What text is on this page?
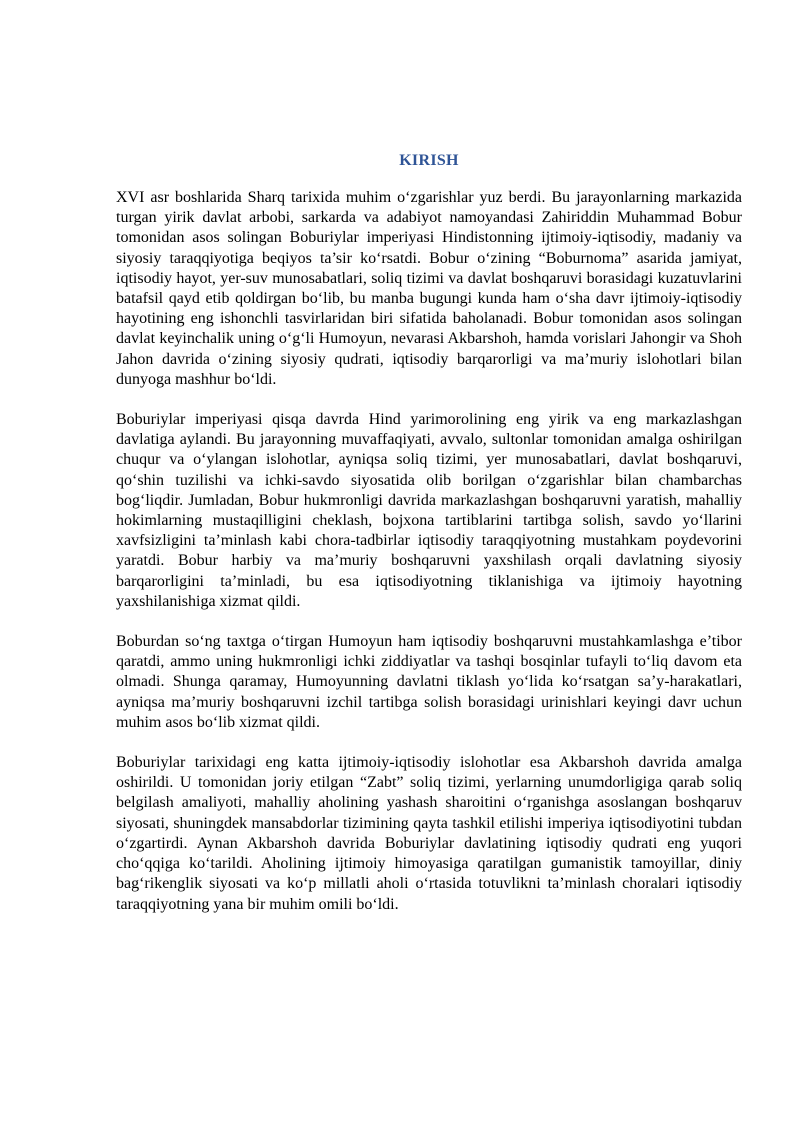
KIRISH

XVI asr boshlarida Sharq tarixida muhim o‘zgarishlar yuz berdi. Bu jarayonlarning markazida turgan yirik davlat arbobi, sarkarda va adabiyot namoyandasi Zahiriddin Muhammad Bobur tomonidan asos solingan Boburiylar imperiyasi Hindistonning ijtimoiy-iqtisodiy, madaniy va siyosiy taraqqiyotiga beqiyos ta’sir ko‘rsatdi. Bobur o‘zining “Boburnoma” asarida jamiyat, iqtisodiy hayot, yer-suv munosabatlari, soliq tizimi va davlat boshqaruvi borasidagi kuzatuvlarini batafsil qayd etib qoldirgan bo‘lib, bu manba bugungi kunda ham o‘sha davr ijtimoiy-iqtisodiy hayotining eng ishonchli tasvirlaridan biri sifatida baholanadi. Bobur tomonidan asos solingan davlat keyinchalik uning o‘g‘li Humoyun, nevarasi Akbarshoh, hamda vorislari Jahongir va Shoh Jahon davrida o‘zining siyosiy qudrati, iqtisodiy barqarorligi va ma’muriy islohotlari bilan dunyoga mashhur bo‘ldi.

Boburiylar imperiyasi qisqa davrda Hind yarimorolining eng yirik va eng markazlashgan davlatiga aylandi. Bu jarayonning muvaffaqiyati, avvalo, sultonlar tomonidan amalga oshirilgan chuqur va o‘ylangan islohotlar, ayniqsa soliq tizimi, yer munosabatlari, davlat boshqaruvi, qo‘shin tuzilishi va ichki-savdo siyosatida olib borilgan o‘zgarishlar bilan chambarchas bog‘liqdir. Jumladan, Bobur hukmronligi davrida markazlashgan boshqaruvni yaratish, mahalliy hokimlarning mustaqilligini cheklash, bojxona tartiblarini tartibga solish, savdo yo‘llarini xavfsizligini ta’minlash kabi chora-tadbirlar iqtisodiy taraqqiyotning mustahkam poydevorini yaratdi. Bobur harbiy va ma’muriy boshqaruvni yaxshilash orqali davlatning siyosiy barqarorligini ta’minladi, bu esa iqtisodiyotning tiklanishiga va ijtimoiy hayotning yaxshilanishiga xizmat qildi.

Boburdan so‘ng taxtga o‘tirgan Humoyun ham iqtisodiy boshqaruvni mustahkamlashga e’tibor qaratdi, ammo uning hukmronligi ichki ziddiyatlar va tashqi bosqinlar tufayli to‘liq davom eta olmadi. Shunga qaramay, Humoyunning davlatni tiklash yo‘lida ko‘rsatgan sa’y-harakatlari, ayniqsa ma’muriy boshqaruvni izchil tartibga solish borasidagi urinishlari keyingi davr uchun muhim asos bo‘lib xizmat qildi.

Boburiylar tarixidagi eng katta ijtimoiy-iqtisodiy islohotlar esa Akbarshoh davrida amalga oshirildi. U tomonidan joriy etilgan “Zabt” soliq tizimi, yerlarning unumdorligiga qarab soliq belgilash amaliyoti, mahalliy aholining yashash sharoitini o‘rganishga asoslangan boshqaruv siyosati, shuningdek mansabdorlar tizimining qayta tashkil etilishi imperiya iqtisodiyotini tubdan o‘zgartirdi. Aynan Akbarshoh davrida Boburiylar davlatining iqtisodiy qudrati eng yuqori cho‘qqiga ko‘tarildi. Aholining ijtimoiy himoyasiga qaratilgan gumanistik tamoyillar, diniy bag‘rikenglik siyosati va ko‘p millatli aholi o‘rtasida totuvlikni ta’minlash choralari iqtisodiy taraqqiyotning yana bir muhim omili bo‘ldi.
